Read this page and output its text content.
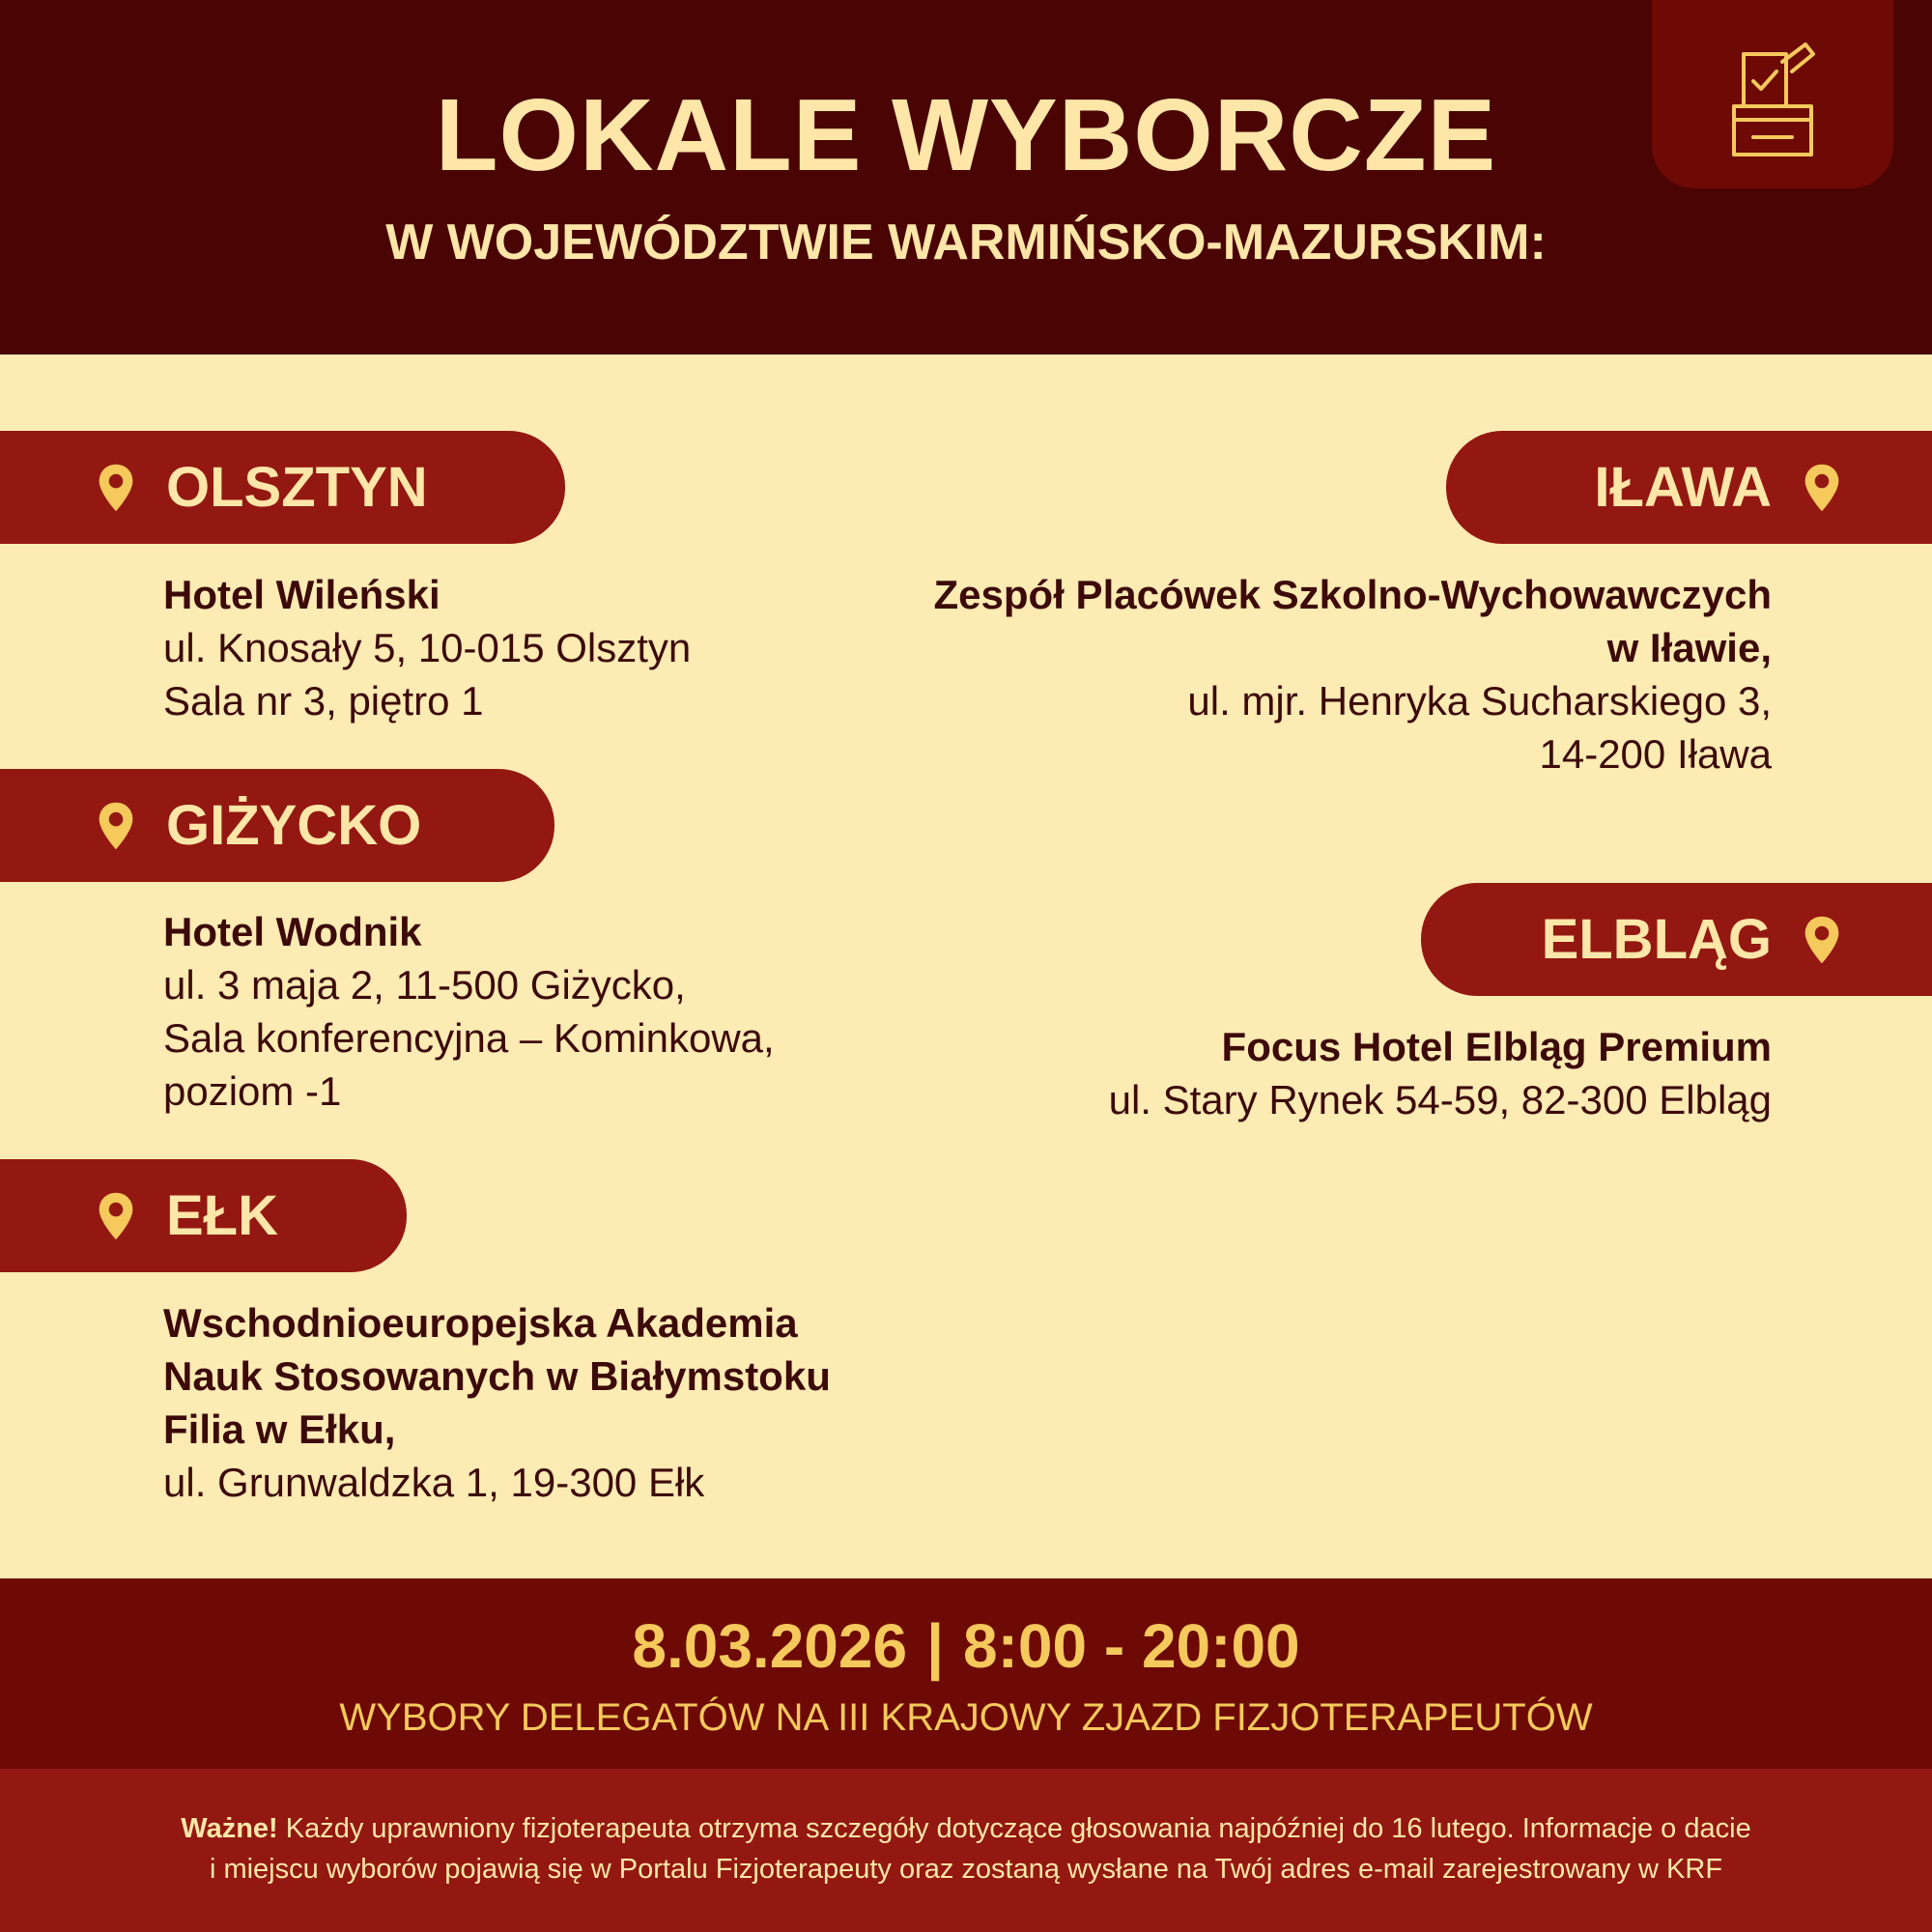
LOKALE WYBORCZE
W WOJEWÓDZTWIE WARMIŃSKO-MAZURSKIM:
OLSZTYN
Hotel Wileński
ul. Knosały 5, 10-015 Olsztyn
Sala nr 3, piętro 1
GIŻYCKO
Hotel Wodnik
ul. 3 maja 2, 11-500 Giżycko,
Sala konferencyjna – Kominkowa,
poziom -1
EŁK
Wschodnioeuropejska Akademia
Nauk Stosowanych w Białymstoku
Filia w Ełku,
ul. Grunwaldzka 1, 19-300 Ełk
IŁAWA
Zespół Placówek Szkolno-Wychowawczych
w Iławie,
ul. mjr. Henryka Sucharskiego 3,
14-200 Iława
ELBLĄG
Focus Hotel Elbląg Premium
ul. Stary Rynek 54-59, 82-300 Elbląg
8.03.2026 | 8:00 - 20:00
WYBORY DELEGATÓW NA III KRAJOWY ZJAZD FIZJOTERAPEUTÓW
Ważne! Każdy uprawniony fizjoterapeuta otrzyma szczegóły dotyczące głosowania najpóźniej do 16 lutego. Informacje o dacie
i miejscu wyborów pojawią się w Portalu Fizjoterapeuty oraz zostaną wysłane na Twój adres e-mail zarejestrowany w KRF
